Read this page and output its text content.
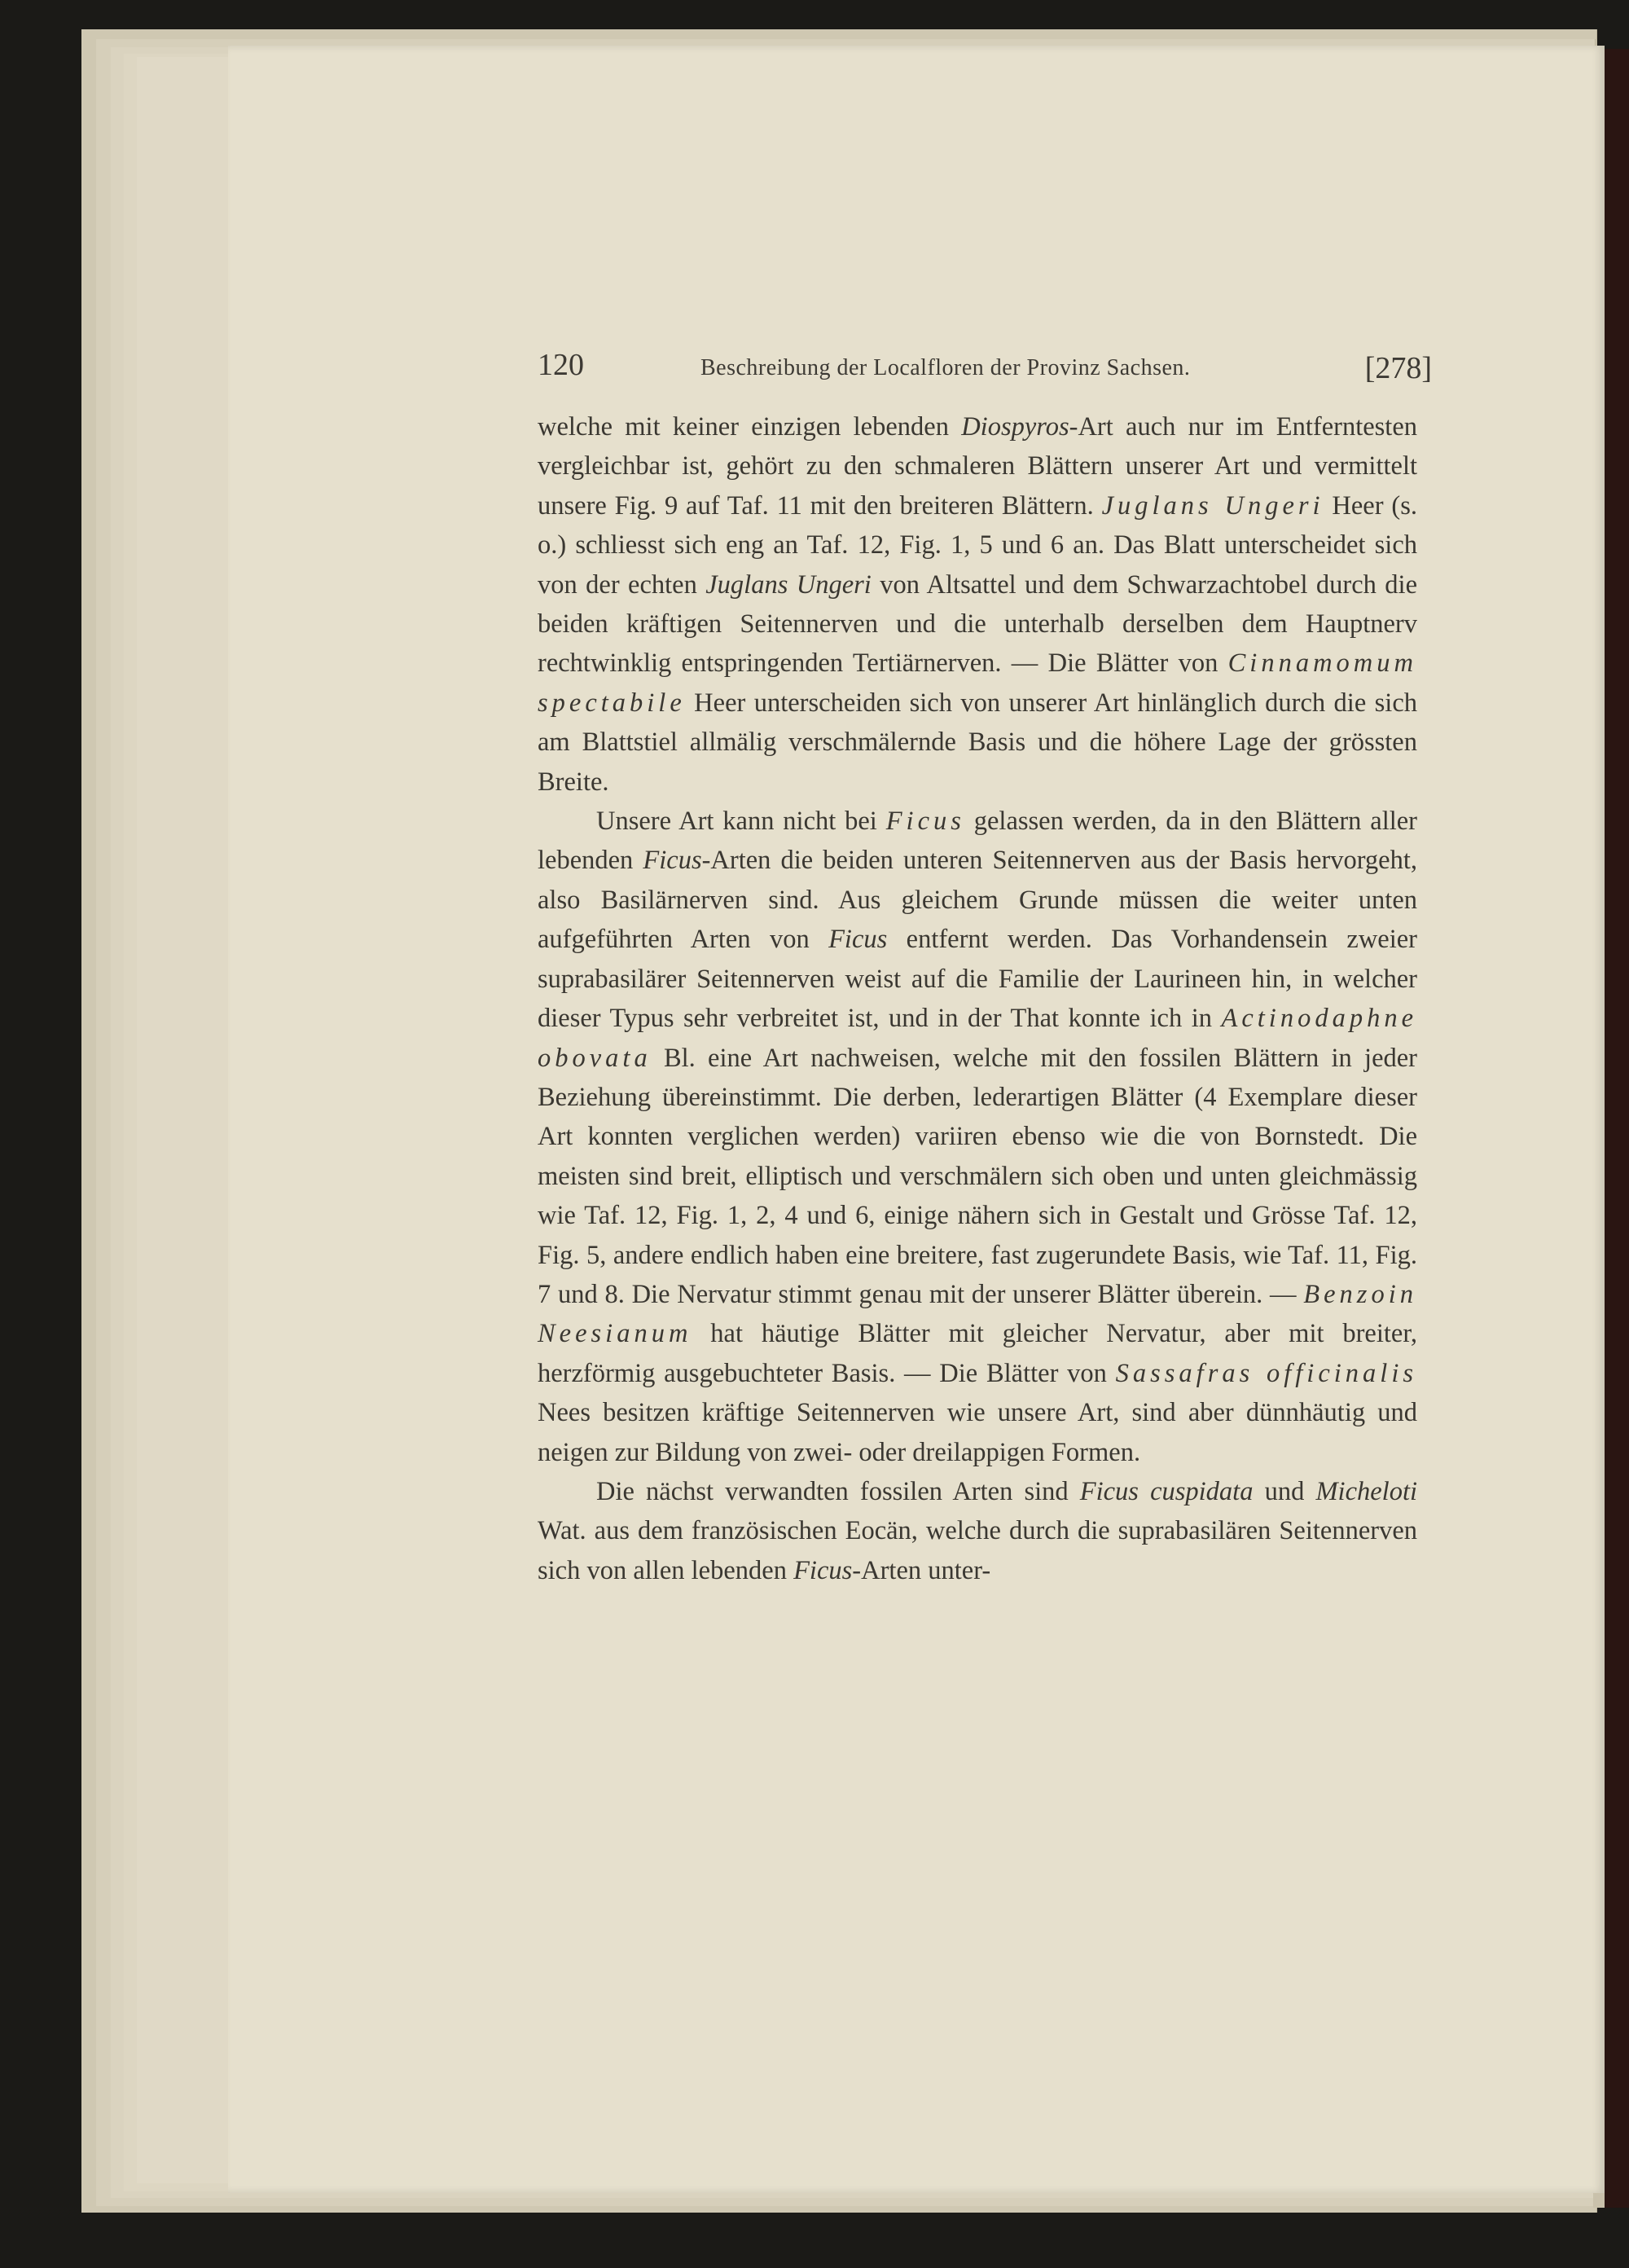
120	Beschreibung der Localfloren der Provinz Sachsen.	[278]

welche mit keiner einzigen lebenden Diospyros-Art auch nur im Entferntesten vergleichbar ist, gehört zu den schmaleren Blättern unserer Art und vermittelt unsere Fig. 9 auf Taf. 11 mit den breiteren Blättern. Juglans Ungeri Heer (s. o.) schliesst sich eng an Taf. 12, Fig. 1, 5 und 6 an. Das Blatt unterscheidet sich von der echten Juglans Ungeri von Altsattel und dem Schwarzachtobel durch die beiden kräftigen Seitennerven und die unterhalb derselben dem Hauptnerv rechtwinklig entspringenden Tertiärnerven. — Die Blätter von Cinnamomum spectabile Heer unterscheiden sich von unserer Art hinlänglich durch die sich am Blattstiel allmälig verschmälernde Basis und die höhere Lage der grössten Breite.

Unsere Art kann nicht bei Ficus gelassen werden, da in den Blättern aller lebenden Ficus-Arten die beiden unteren Seitennerven aus der Basis hervorgeht, also Basilärnerven sind. Aus gleichem Grunde müssen die weiter unten aufgeführten Arten von Ficus entfernt werden. Das Vorhandensein zweier suprabasilärer Seitennerven weist auf die Familie der Laurineen hin, in welcher dieser Typus sehr verbreitet ist, und in der That konnte ich in Actinodaphne obovata Bl. eine Art nachweisen, welche mit den fossilen Blättern in jeder Beziehung übereinstimmt. Die derben, lederartigen Blätter (4 Exemplare dieser Art konnten verglichen werden) variiren ebenso wie die von Bornstedt. Die meisten sind breit, elliptisch und verschmälern sich oben und unten gleichmässig wie Taf. 12, Fig. 1, 2, 4 und 6, einige nähern sich in Gestalt und Grösse Taf. 12, Fig. 5, andere endlich haben eine breitere, fast zugerundete Basis, wie Taf. 11, Fig. 7 und 8. Die Nervatur stimmt genau mit der unserer Blätter überein. — Benzoin Neesianum hat häutige Blätter mit gleicher Nervatur, aber mit breiter, herzförmig ausgebuchteter Basis. — Die Blätter von Sassafras officinalis Nees besitzen kräftige Seitennerven wie unsere Art, sind aber dünnhäutig und neigen zur Bildung von zwei- oder dreilappigen Formen.

Die nächst verwandten fossilen Arten sind Ficus cuspidata und Micheloti Wat. aus dem französischen Eocän, welche durch die suprabasilären Seitennerven sich von allen lebenden Ficus-Arten unter-
